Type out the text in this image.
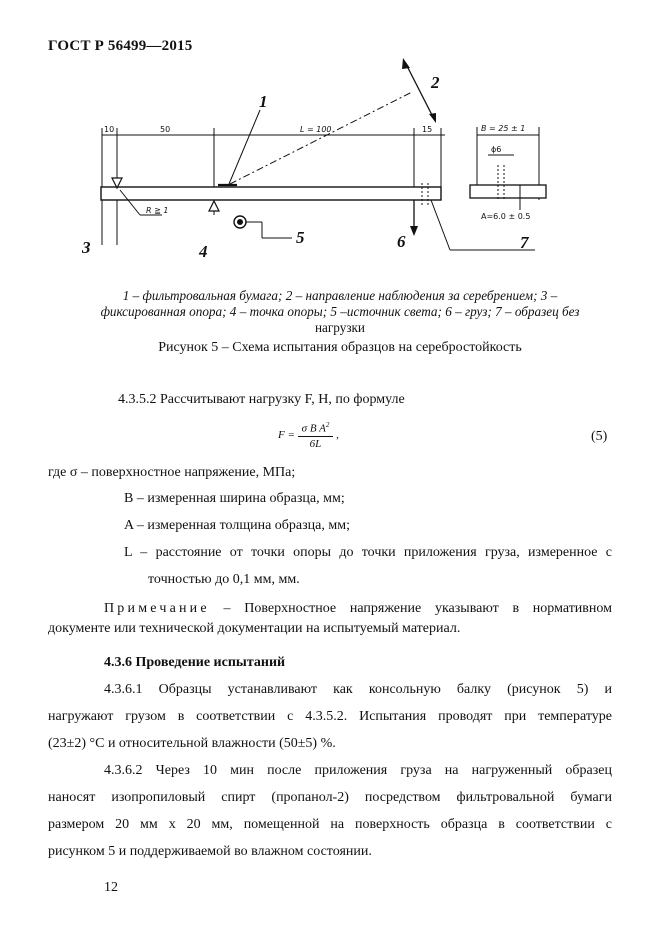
ГОСТ Р 56499—2015
10	50	L = 100	15	B = 25 ± 1
ϕ6
A=6.0 ± 0.5
R ≧ 1
1
2
3	4
5	6	7
1 – фильтровальная бумага; 2 – направление наблюдения за серебрением; 3 –
фиксированная опора; 4 – точка опоры; 5 –источник света; 6 – груз; 7 – образец без
нагрузки
Рисунок 5 – Схема испытания образцов на серебростойкость
4.3.5.2 Рассчитывают нагрузку F, Н, по формуле
$F = \frac{\sigma B A^2}{6L}$ ,	(5)
где σ – поверхностное напряжение, МПа;
B – измеренная ширина образца, мм;
A – измеренная толщина образца, мм;
L – расстояние от точки опоры до точки приложения груза, измеренное с
точностью до 0,1 мм, мм.
Примечание – Поверхностное напряжение указывают в нормативном
документе или технической документации на испытуемый материал.
4.3.6 Проведение испытаний
4.3.6.1 Образцы устанавливают как консольную балку (рисунок 5) и
нагружают грузом в соответствии с 4.3.5.2. Испытания проводят при температуре
(23±2) °С и относительной влажности (50±5) %.
4.3.6.2 Через 10 мин после приложения груза на нагруженный образец
наносят изопропиловый спирт (пропанол-2) посредством фильтровальной бумаги
размером 20 мм х 20 мм, помещенной на поверхность образца в соответствии с
рисунком 5 и поддерживаемой во влажном состоянии.
12
